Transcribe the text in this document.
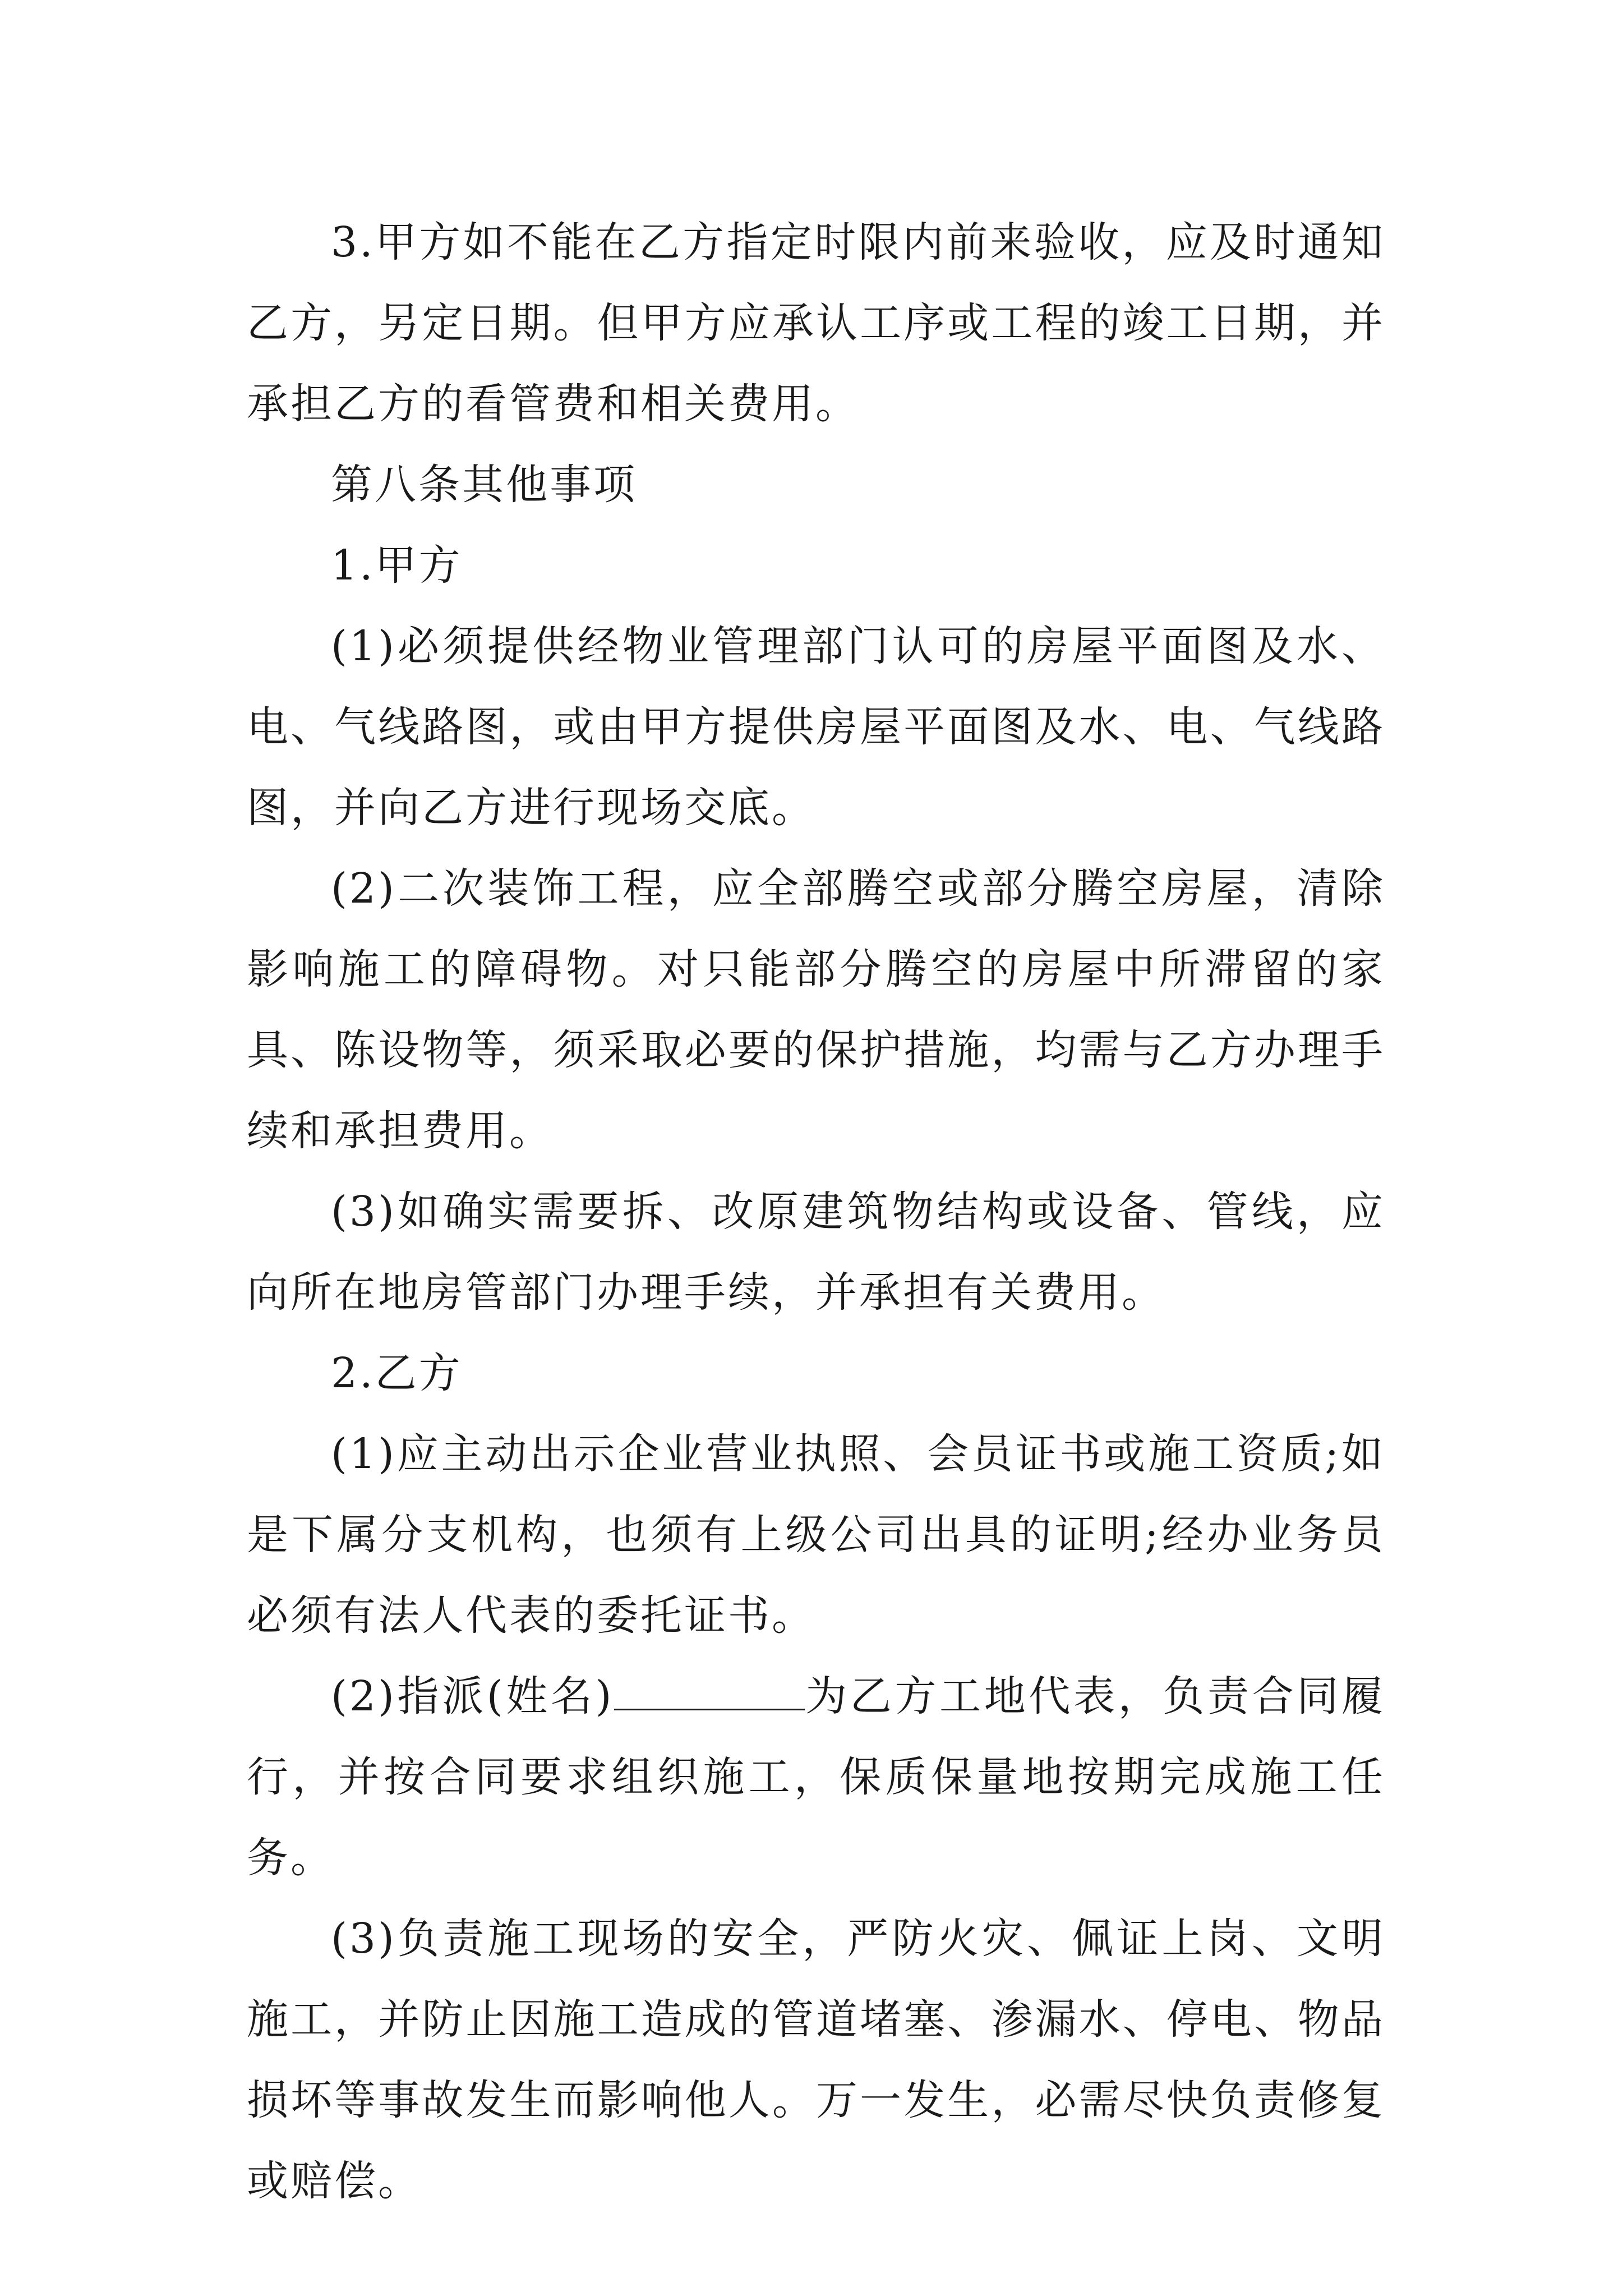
3.甲方如不能在乙方指定时限内前来验收，应及时通知乙方，另定日期。但甲方应承认工序或工程的竣工日期，并承担乙方的看管费和相关费用。

第八条其他事项

1.甲方

(1)必须提供经物业管理部门认可的房屋平面图及水、电、气线路图，或由甲方提供房屋平面图及水、电、气线路图，并向乙方进行现场交底。

(2)二次装饰工程，应全部腾空或部分腾空房屋，清除影响施工的障碍物。对只能部分腾空的房屋中所滞留的家具、陈设物等，须采取必要的保护措施，均需与乙方办理手续和承担费用。

(3)如确实需要拆、改原建筑物结构或设备、管线，应向所在地房管部门办理手续，并承担有关费用。

2.乙方

(1)应主动出示企业营业执照、会员证书或施工资质;如是下属分支机构，也须有上级公司出具的证明;经办业务员必须有法人代表的委托证书。

(2)指派(姓名)	为乙方工地代表，负责合同履行，并按合同要求组织施工，保质保量地按期完成施工任务。

(3)负责施工现场的安全，严防火灾、佩证上岗、文明施工，并防止因施工造成的管道堵塞、渗漏水、停电、物品损坏等事故发生而影响他人。万一发生，必需尽快负责修复或赔偿。
